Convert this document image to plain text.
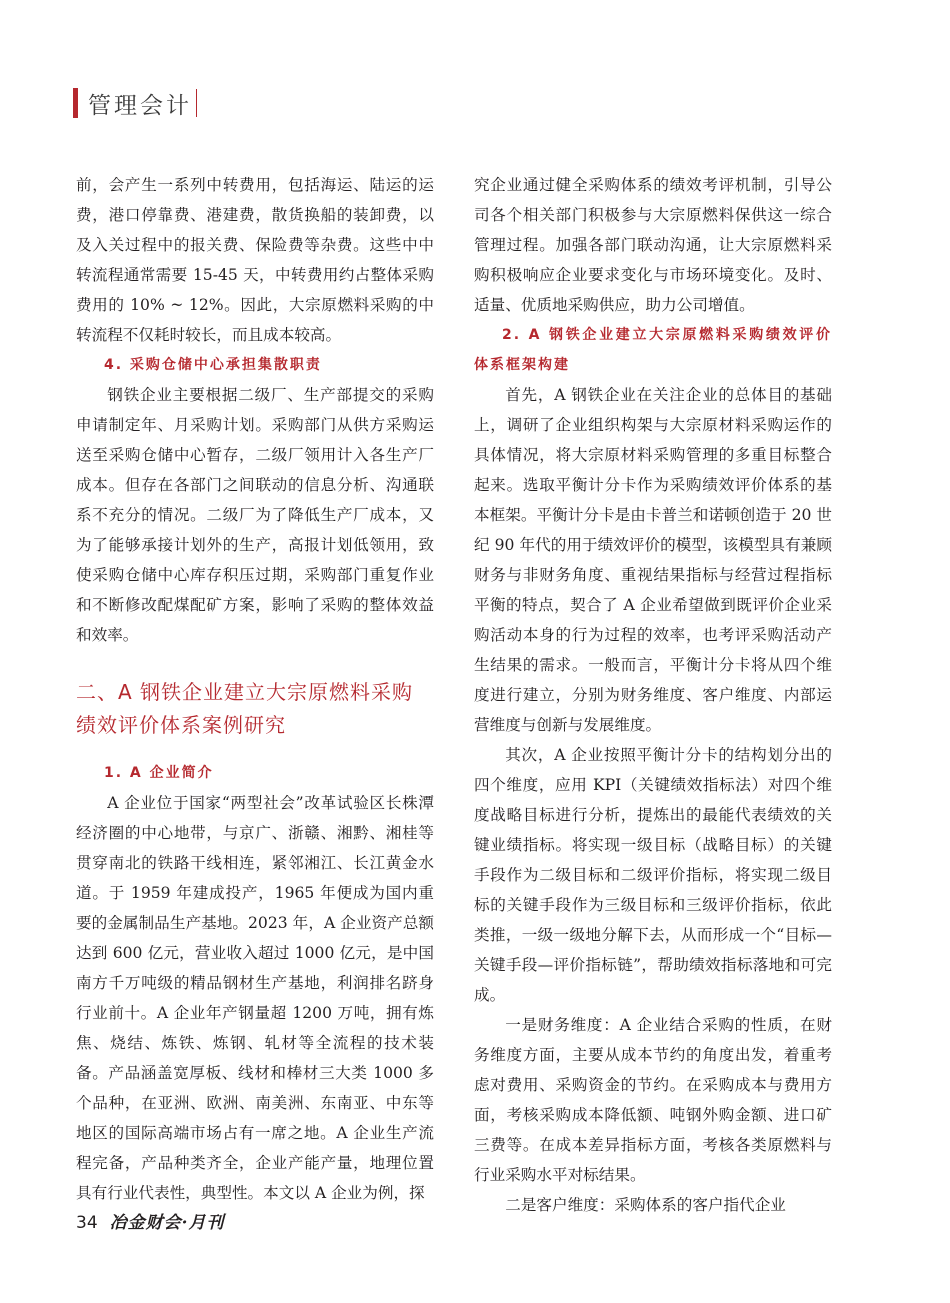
管理会计

前，会产生一系列中转费用，包括海运、陆运的运费，港口停靠费、港建费，散货换船的装卸费，以及入关过程中的报关费、保险费等杂费。这些中中转流程通常需要 15-45 天，中转费用约占整体采购费用的 10% ~ 12%。因此，大宗原燃料采购的中转流程不仅耗时较长，而且成本较高。

4. 采购仓储中心承担集散职责

钢铁企业主要根据二级厂、生产部提交的采购申请制定年、月采购计划。采购部门从供方采购运送至采购仓储中心暂存，二级厂领用计入各生产厂成本。但存在各部门之间联动的信息分析、沟通联系不充分的情况。二级厂为了降低生产厂成本，又为了能够承接计划外的生产，高报计划低领用，致使采购仓储中心库存积压过期，采购部门重复作业和不断修改配煤配矿方案，影响了采购的整体效益和效率。

二、A 钢铁企业建立大宗原燃料采购绩效评价体系案例研究

1. A 企业简介

A 企业位于国家“两型社会”改革试验区长株潭经济圈的中心地带，与京广、浙赣、湘黔、湘桂等贯穿南北的铁路干线相连，紧邻湘江、长江黄金水道。于 1959 年建成投产，1965 年便成为国内重要的金属制品生产基地。2023 年，A 企业资产总额达到 600 亿元，营业收入超过 1000 亿元，是中国南方千万吨级的精品钢材生产基地，利润排名跻身行业前十。A 企业年产钢量超 1200 万吨，拥有炼焦、烧结、炼铁、炼钢、轧材等全流程的技术装备。产品涵盖宽厚板、线材和棒材三大类 1000 多个品种，在亚洲、欧洲、南美洲、东南亚、中东等地区的国际高端市场占有一席之地。A 企业生产流程完备，产品种类齐全，企业产能产量，地理位置具有行业代表性，典型性。本文以 A 企业为例，探

究企业通过健全采购体系的绩效考评机制，引导公司各个相关部门积极参与大宗原燃料保供这一综合管理过程。加强各部门联动沟通，让大宗原燃料采购积极响应企业要求变化与市场环境变化。及时、适量、优质地采购供应，助力公司增值。

2. A 钢铁企业建立大宗原燃料采购绩效评价体系框架构建

首先，A 钢铁企业在关注企业的总体目的基础上，调研了企业组织构架与大宗原材料采购运作的具体情况，将大宗原材料采购管理的多重目标整合起来。选取平衡计分卡作为采购绩效评价体系的基本框架。平衡计分卡是由卡普兰和诺顿创造于 20 世纪 90 年代的用于绩效评价的模型，该模型具有兼顾财务与非财务角度、重视结果指标与经营过程指标平衡的特点，契合了 A 企业希望做到既评价企业采购活动本身的行为过程的效率，也考评采购活动产生结果的需求。一般而言，平衡计分卡将从四个维度进行建立，分别为财务维度、客户维度、内部运营维度与创新与发展维度。

其次，A 企业按照平衡计分卡的结构划分出的四个维度，应用 KPI（关键绩效指标法）对四个维度战略目标进行分析，提炼出的最能代表绩效的关键业绩指标。将实现一级目标（战略目标）的关键手段作为二级目标和二级评价指标，将实现二级目标的关键手段作为三级目标和三级评价指标，依此类推，一级一级地分解下去，从而形成一个“目标—关键手段—评价指标链”，帮助绩效指标落地和可完成。

一是财务维度：A 企业结合采购的性质，在财务维度方面，主要从成本节约的角度出发，着重考虑对费用、采购资金的节约。在采购成本与费用方面，考核采购成本降低额、吨钢外购金额、进口矿三费等。在成本差异指标方面，考核各类原燃料与行业采购水平对标结果。

二是客户维度：采购体系的客户指代企业

34 冶金财会·月刊
